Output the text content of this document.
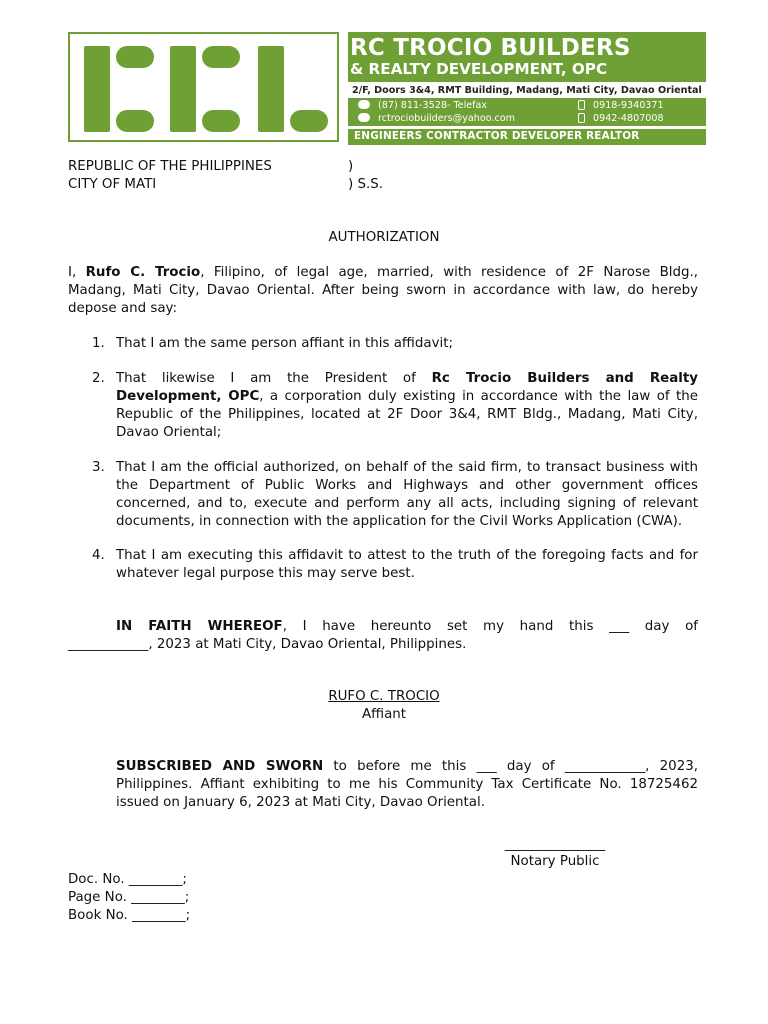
RC TROCIO BUILDERS
& REALTY DEVELOPMENT, OPC
2/F, Doors 3&4, RMT Building, Madang, Mati City, Davao Oriental
(87) 811-3528- Telefax
rctrociobuilders@yahoo.com
0918-9340371
0942-4807008
ENGINEERS CONTRACTOR DEVELOPER REALTOR
REPUBLIC OF THE PHILIPPINES	)
CITY OF MATI	) S.S.
AUTHORIZATION
I, Rufo C. Trocio, Filipino, of legal age, married, with residence of 2F Narose Bldg.,
Madang, Mati City, Davao Oriental. After being sworn in accordance with law, do hereby
depose and say:
1. That I am the same person affiant in this affidavit;
2. That likewise I am the President of Rc Trocio Builders and Realty
Development, OPC, a corporation duly existing in accordance with the law of the
Republic of the Philippines, located at 2F Door 3&4, RMT Bldg., Madang, Mati City,
Davao Oriental;
3. That I am the official authorized, on behalf of the said firm, to transact business with
the Department of Public Works and Highways and other government offices
concerned, and to, execute and perform any all acts, including signing of relevant
documents, in connection with the application for the Civil Works Application (CWA).
4. That I am executing this affidavit to attest to the truth of the foregoing facts and for
whatever legal purpose this may serve best.
IN FAITH WHEREOF, I have hereunto set my hand this ___ day of
____________, 2023 at Mati City, Davao Oriental, Philippines.
RUFO C. TROCIO
Affiant
SUBSCRIBED AND SWORN to before me this ___ day of ____________, 2023,
Philippines. Affiant exhibiting to me his Community Tax Certificate No. 18725462
issued on January 6, 2023 at Mati City, Davao Oriental.
_______________
Notary Public
Doc. No. ________;
Page No. ________;
Book No. ________;
